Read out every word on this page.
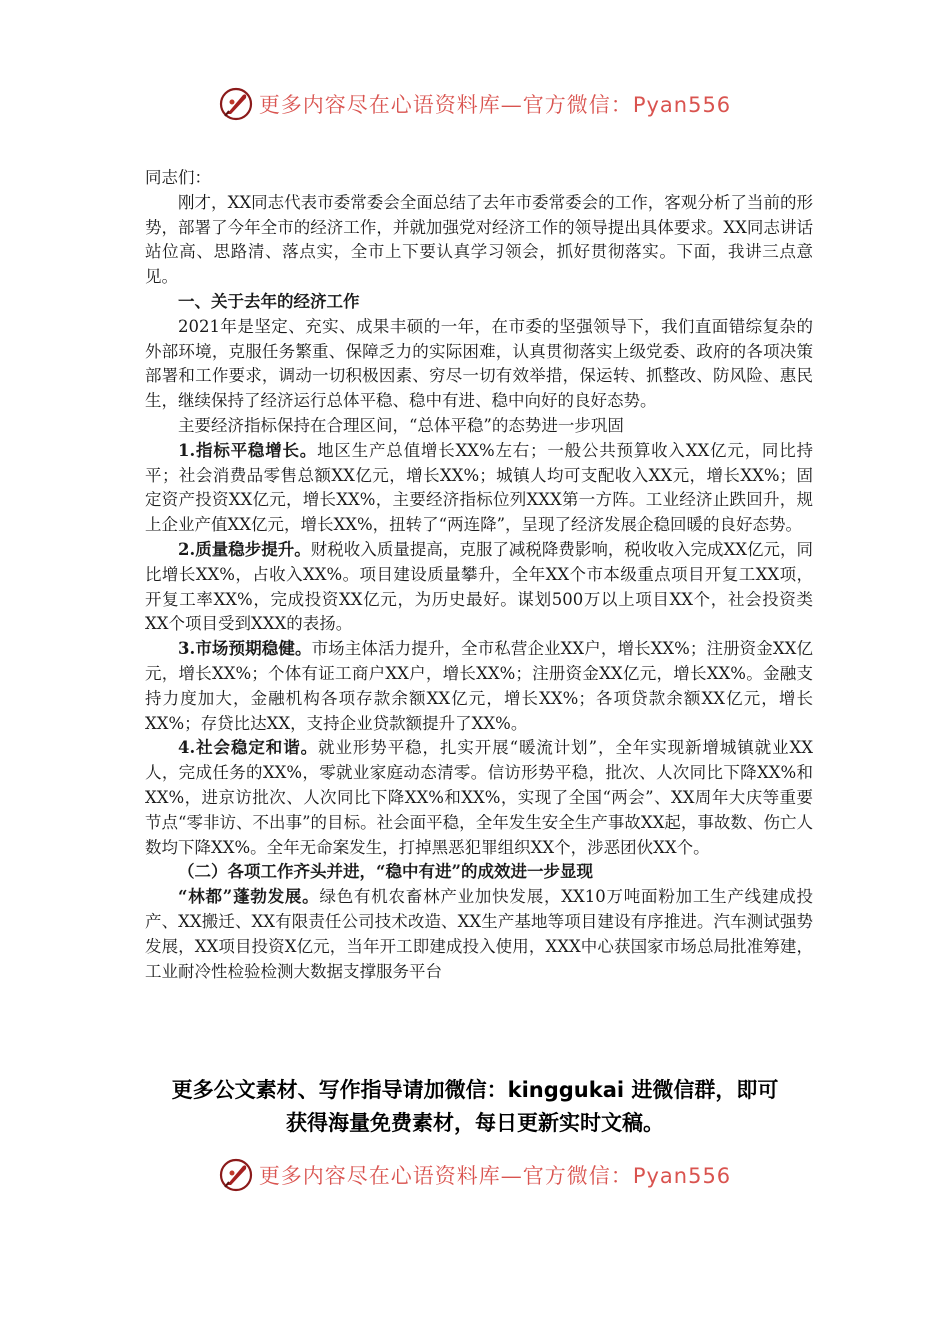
更多内容尽在心语资料库—官方微信：Pyan556

同志们：

刚才，XX同志代表市委常委会全面总结了去年市委常委会的工作，客观分析了当前的形势，部署了今年全市的经济工作，并就加强党对经济工作的领导提出具体要求。XX同志讲话站位高、思路清、落点实，全市上下要认真学习领会，抓好贯彻落实。下面，我讲三点意见。

一、关于去年的经济工作

2021年是坚定、充实、成果丰硕的一年，在市委的坚强领导下，我们直面错综复杂的外部环境，克服任务繁重、保障乏力的实际困难，认真贯彻落实上级党委、政府的各项决策部署和工作要求，调动一切积极因素、穷尽一切有效举措，保运转、抓整改、防风险、惠民生，继续保持了经济运行总体平稳、稳中有进、稳中向好的良好态势。

主要经济指标保持在合理区间，“总体平稳”的态势进一步巩固

1.指标平稳增长。地区生产总值增长XX%左右；一般公共预算收入XX亿元，同比持平；社会消费品零售总额XX亿元，增长XX%；城镇人均可支配收入XX元，增长XX%；固定资产投资XX亿元，增长XX%，主要经济指标位列XXX第一方阵。工业经济止跌回升，规上企业产值XX亿元，增长XX%，扭转了“两连降”，呈现了经济发展企稳回暖的良好态势。

2.质量稳步提升。财税收入质量提高，克服了减税降费影响，税收收入完成XX亿元，同比增长XX%，占收入XX%。项目建设质量攀升，全年XX个市本级重点项目开复工XX项，开复工率XX%，完成投资XX亿元，为历史最好。谋划500万以上项目XX个，社会投资类XX个项目受到XXX的表扬。

3.市场预期稳健。市场主体活力提升，全市私营企业XX户，增长XX%；注册资金XX亿元，增长XX%；个体有证工商户XX户，增长XX%；注册资金XX亿元，增长XX%。金融支持力度加大，金融机构各项存款余额XX亿元，增长XX%；各项贷款余额XX亿元，增长XX%；存贷比达XX，支持企业贷款额提升了XX%。

4.社会稳定和谐。就业形势平稳，扎实开展“暖流计划”，全年实现新增城镇就业XX人，完成任务的XX%，零就业家庭动态清零。信访形势平稳，批次、人次同比下降XX%和XX%，进京访批次、人次同比下降XX%和XX%，实现了全国“两会”、XX周年大庆等重要节点“零非访、不出事”的目标。社会面平稳，全年发生安全生产事故XX起，事故数、伤亡人数均下降XX%。全年无命案发生，打掉黑恶犯罪组织XX个，涉恶团伙XX个。

（二）各项工作齐头并进，“稳中有进”的成效进一步显现

“林都”蓬勃发展。绿色有机农畜林产业加快发展，XX10万吨面粉加工生产线建成投产、XX搬迁、XX有限责任公司技术改造、XX生产基地等项目建设有序推进。汽车测试强势发展，XX项目投资X亿元，当年开工即建成投入使用，XXX中心获国家市场总局批准筹建，工业耐冷性检验检测大数据支撑服务平台

更多公文素材、写作指导请加微信：kinggukai 进微信群，即可
获得海量免费素材，每日更新实时文稿。
更多内容尽在心语资料库—官方微信：Pyan556
